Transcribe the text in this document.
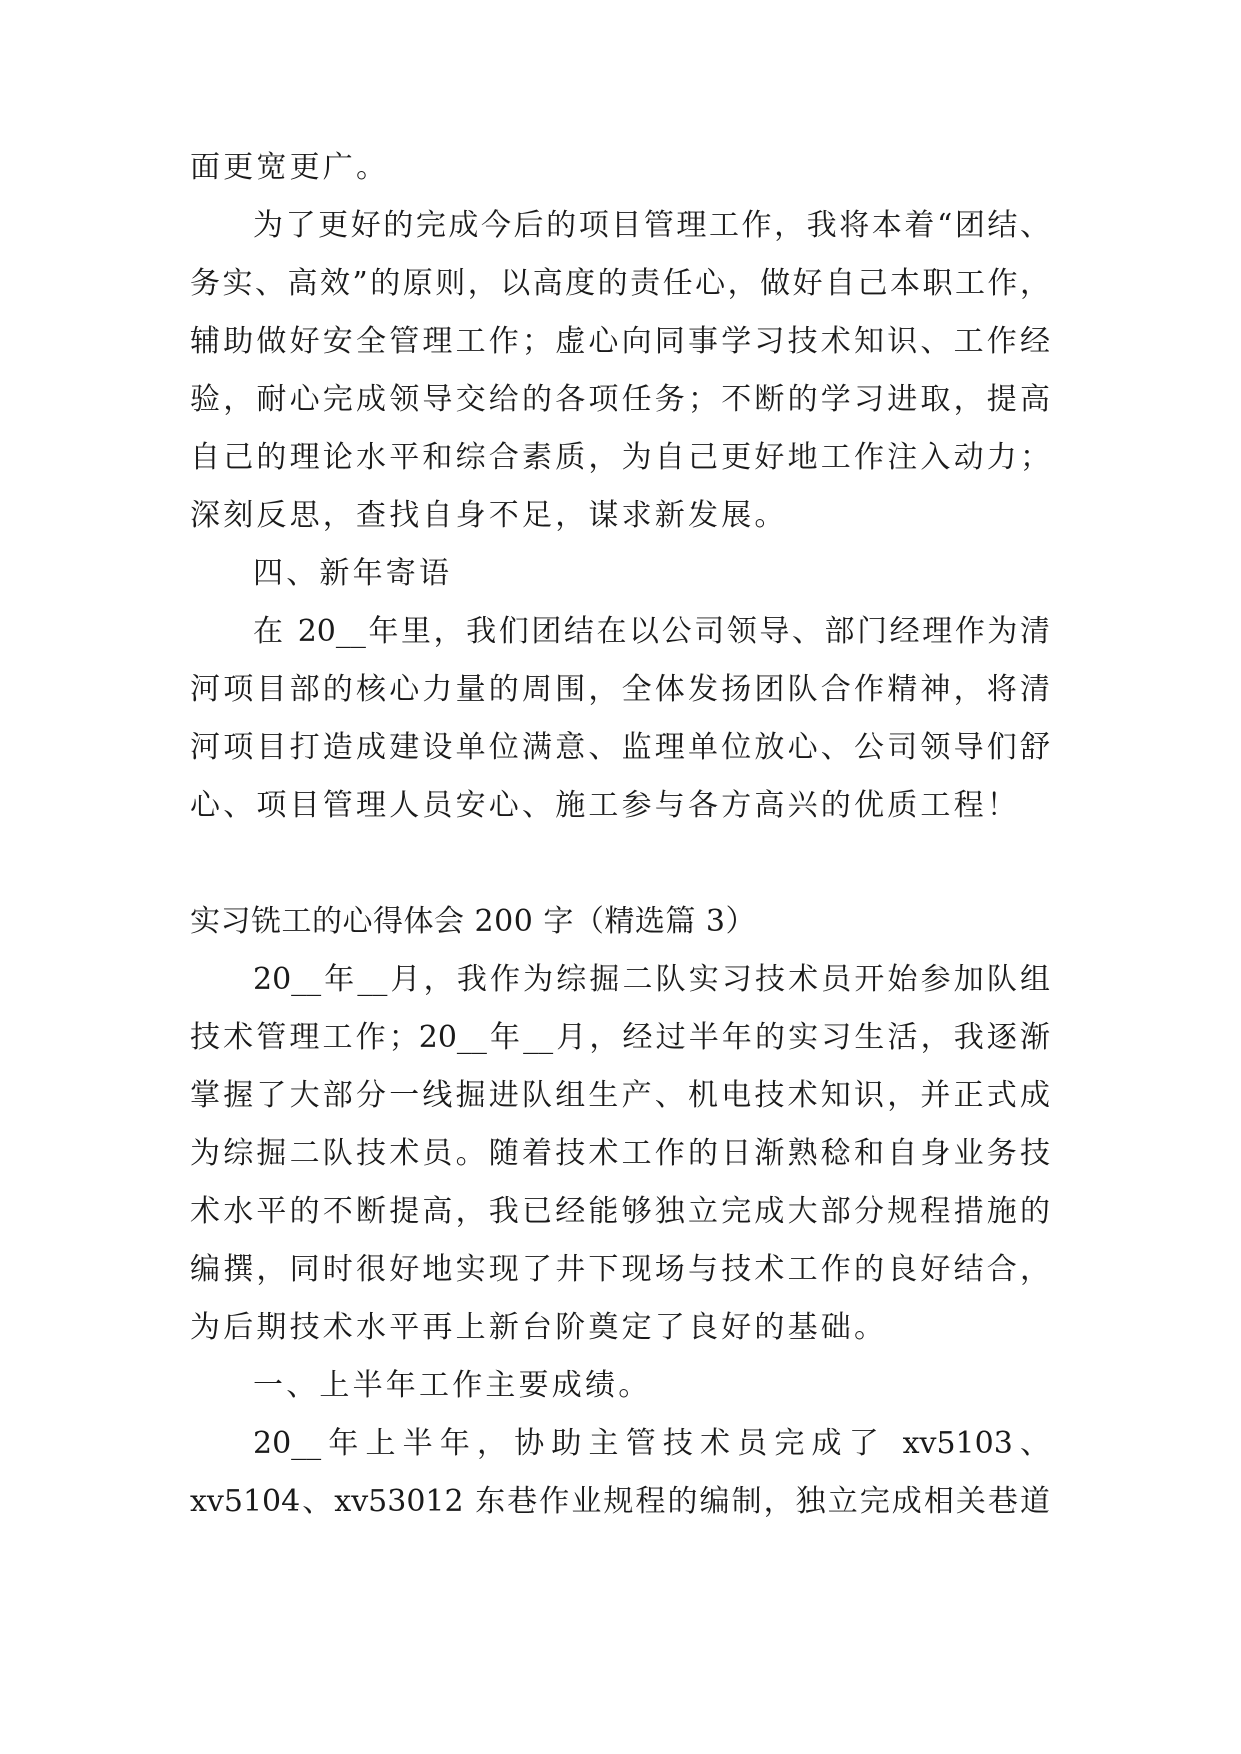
面更宽更广。
为了更好的完成今后的项目管理工作，我将本着“团结、
务实、高效”的原则，以高度的责任心，做好自己本职工作，
辅助做好安全管理工作；虚心向同事学习技术知识、工作经
验，耐心完成领导交给的各项任务；不断的学习进取，提高
自己的理论水平和综合素质，为自己更好地工作注入动力；
深刻反思，查找自身不足，谋求新发展。
四、新年寄语
在 20__年里，我们团结在以公司领导、部门经理作为清
河项目部的核心力量的周围，全体发扬团队合作精神，将清
河项目打造成建设单位满意、监理单位放心、公司领导们舒
心、项目管理人员安心、施工参与各方高兴的优质工程！
实习铣工的心得体会 200 字（精选篇 3）
20__年__月，我作为综掘二队实习技术员开始参加队组
技术管理工作；20__年__月，经过半年的实习生活，我逐渐
掌握了大部分一线掘进队组生产、机电技术知识，并正式成
为综掘二队技术员。随着技术工作的日渐熟稔和自身业务技
术水平的不断提高，我已经能够独立完成大部分规程措施的
编撰，同时很好地实现了井下现场与技术工作的良好结合，
为后期技术水平再上新台阶奠定了良好的基础。
一、上半年工作主要成绩。
20__年上半年，协助主管技术员完成了 xv5103、
xv5104、xv53012 东巷作业规程的编制，独立完成相关巷道
